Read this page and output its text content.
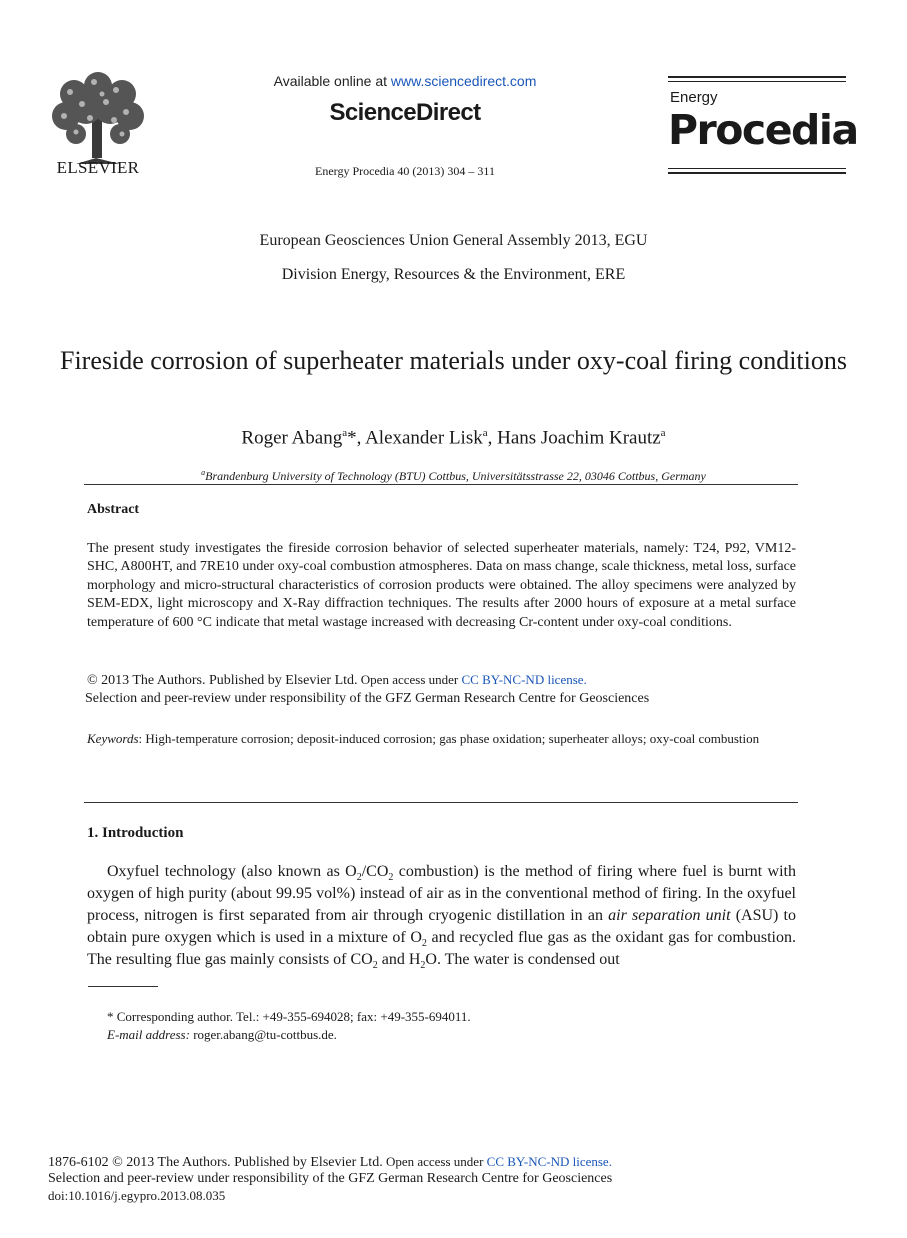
ELSEVIER
Available online at www.sciencedirect.com
ScienceDirect
Energy Procedia 40 (2013) 304 – 311
Energy
Procedia
European Geosciences Union General Assembly 2013, EGU
Division Energy, Resources & the Environment, ERE
Fireside corrosion of superheater materials under oxy-coal firing conditions
Roger Abang$^a$*, Alexander Lisk$^a$, Hans Joachim Krautz$^a$
$^a$Brandenburg University of Technology (BTU) Cottbus, Universitätsstrasse 22, 03046 Cottbus, Germany
Abstract
The present study investigates the fireside corrosion behavior of selected superheater materials, namely: T24, P92, VM12-SHC, A800HT, and 7RE10 under oxy-coal combustion atmospheres. Data on mass change, scale thickness, metal loss, surface morphology and micro-structural characteristics of corrosion products were obtained. The alloy specimens were analyzed by SEM-EDX, light microscopy and X-Ray diffraction techniques. The results after 2000 hours of exposure at a metal surface temperature of 600 °C indicate that metal wastage increased with decreasing Cr-content under oxy-coal conditions.
© 2013 The Authors. Published by Elsevier Ltd. Open access under CC BY-NC-ND license.
Selection and peer-review under responsibility of the GFZ German Research Centre for Geosciences
Keywords: High-temperature corrosion; deposit-induced corrosion; gas phase oxidation; superheater alloys; oxy-coal combustion
1. Introduction
Oxyfuel technology (also known as $O_2/CO_2$ combustion) is the method of firing where fuel is burnt with oxygen of high purity (about 99.95 vol%) instead of air as in the conventional method of firing. In the oxyfuel process, nitrogen is first separated from air through cryogenic distillation in an air separation unit (ASU) to obtain pure oxygen which is used in a mixture of $O_2$ and recycled flue gas as the oxidant gas for combustion. The resulting flue gas mainly consists of $CO_2$ and $H_2O$. The water is condensed out
* Corresponding author. Tel.: +49-355-694028; fax: +49-355-694011.
E-mail address: roger.abang@tu-cottbus.de.
1876-6102 © 2013 The Authors. Published by Elsevier Ltd. Open access under CC BY-NC-ND license.
Selection and peer-review under responsibility of the GFZ German Research Centre for Geosciences
doi:10.1016/j.egypro.2013.08.035
